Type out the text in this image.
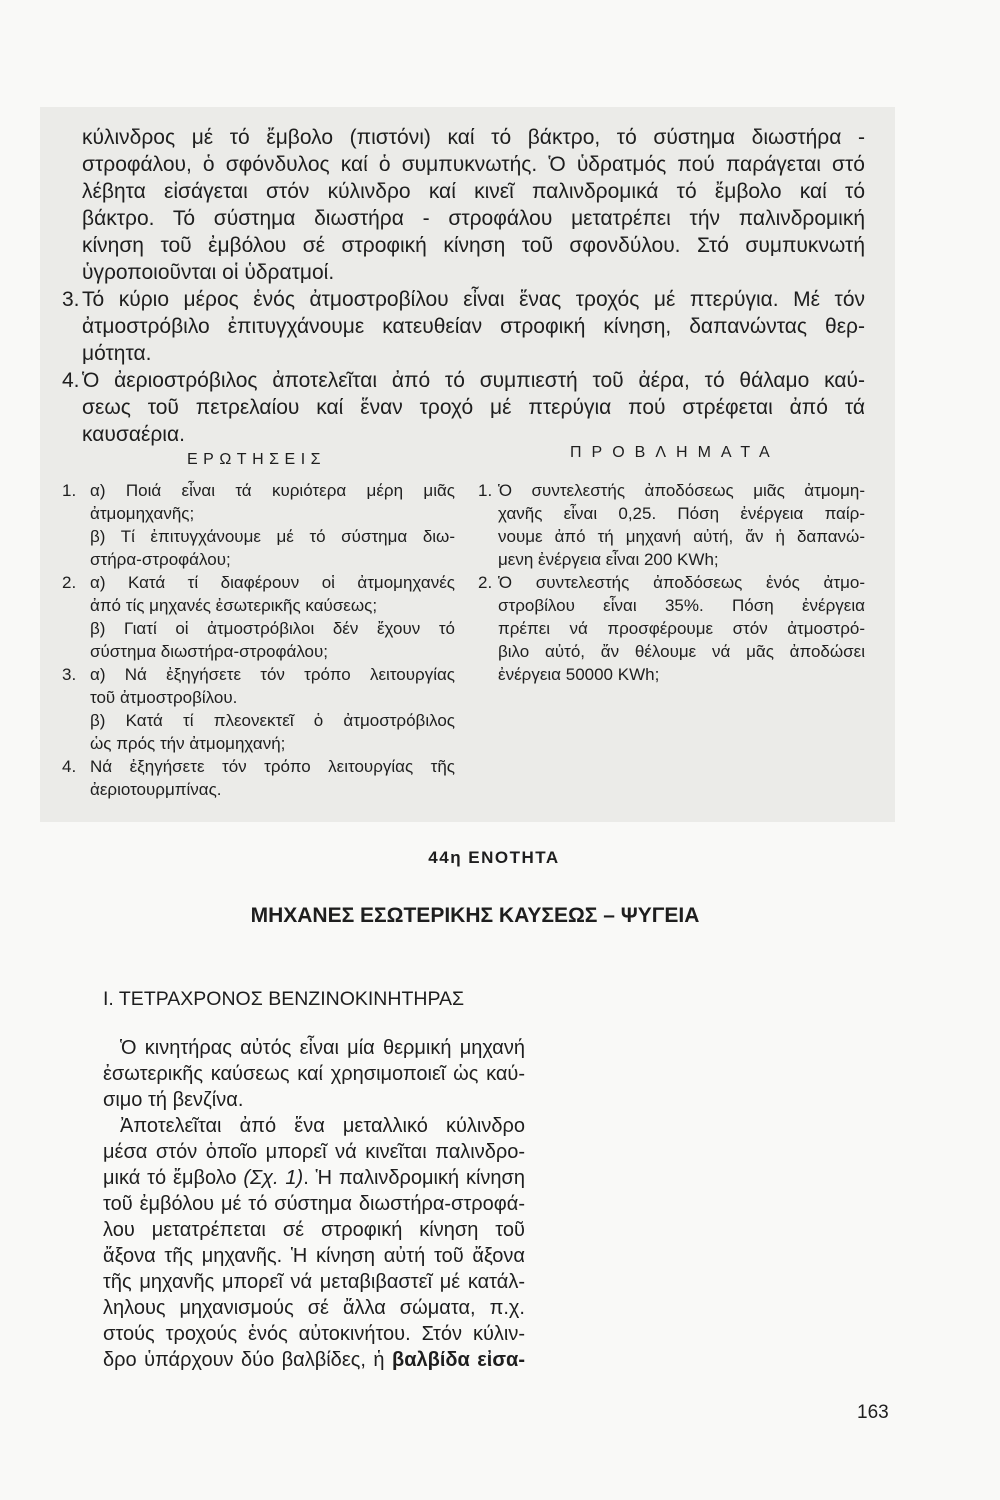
κύλινδρος μέ τό ἔμβολο (πιστόνι) καί τό βάκτρο, τό σύστημα διωστήρα -
στροφάλου, ὁ σφόνδυλος καί ὁ συμπυκνωτής. Ὁ ὑδρατμός πού παράγεται στό
λέβητα εἰσάγεται στόν κύλινδρο καί κινεῖ παλινδρομικά τό ἔμβολο καί τό
βάκτρο. Τό σύστημα διωστήρα - στροφάλου μετατρέπει τήν παλινδρομική
κίνηση τοῦ ἐμβόλου σέ στροφική κίνηση τοῦ σφονδύλου. Στό συμπυκνωτή
ὑγροποιοῦνται οἱ ὑδρατμοί.
3. Τό κύριο μέρος ἑνός ἀτμοστροβίλου εἶναι ἕνας τροχός μέ πτερύγια. Μέ τόν
ἀτμοστρόβιλο ἐπιτυγχάνουμε κατευθείαν στροφική κίνηση, δαπανώντας θερ-
μότητα.
4. Ὁ ἀεριοστρόβιλος ἀποτελεῖται ἀπό τό συμπιεστή τοῦ ἀέρα, τό θάλαμο καύ-
σεως τοῦ πετρελαίου καί ἕναν τροχό μέ πτερύγια πού στρέφεται ἀπό τά
καυσαέρια.
ΕΡΩΤΗΣΕΙΣ	ΠΡΟΒΛΗΜΑΤΑ
1. α) Ποιά εἶναι τά κυριότερα μέρη μιᾶς
ἀτμομηχανῆς;
β) Τί ἐπιτυγχάνουμε μέ τό σύστημα διω-
στήρα-στροφάλου;
2. α) Κατά τί διαφέρουν οἱ ἀτμομηχανές
ἀπό τίς μηχανές ἐσωτερικῆς καύσεως;
β) Γιατί οἱ ἀτμοστρόβιλοι δέν ἔχουν τό
σύστημα διωστήρα-στροφάλου;
3. α) Νά ἐξηγήσετε τόν τρόπο λειτουργίας
τοῦ ἀτμοστροβίλου.
β) Κατά τί πλεονεκτεῖ ὁ ἀτμοστρόβιλος
ὡς πρός τήν ἀτμομηχανή;
4. Νά ἐξηγήσετε τόν τρόπο λειτουργίας τῆς
ἀεριοτουρμπίνας.
1. Ὁ συντελεστής ἀποδόσεως μιᾶς ἀτμομη-
χανῆς εἶναι 0,25. Πόση ἐνέργεια παίρ-
νουμε ἀπό τή μηχανή αὐτή, ἄν ἡ δαπανώ-
μενη ἐνέργεια εἶναι 200 KWh;
2. Ὁ συντελεστής ἀποδόσεως ἑνός ἀτμο-
στροβίλου εἶναι 35%. Πόση ἐνέργεια
πρέπει νά προσφέρουμε στόν ἀτμοστρό-
βιλο αὐτό, ἄν θέλουμε νά μᾶς ἀποδώσει
ἐνέργεια 50000 KWh;
44η ΕΝΟΤΗΤΑ
ΜΗΧΑΝΕΣ ΕΣΩΤΕΡΙΚΗΣ ΚΑΥΣΕΩΣ – ΨΥΓΕΙΑ
Ι. ΤΕΤΡΑΧΡΟΝΟΣ ΒΕΝΖΙΝΟΚΙΝΗΤΗΡΑΣ
Ὁ κινητήρας αὐτός εἶναι μία θερμική μηχανή
ἐσωτερικῆς καύσεως καί χρησιμοποιεῖ ὡς καύ-
σιμο τή βενζίνα.
Ἀποτελεῖται ἀπό ἕνα μεταλλικό κύλινδρο
μέσα στόν ὁποῖο μπορεῖ νά κινεῖται παλινδρο-
μικά τό ἔμβολο (Σχ. 1). Ἡ παλινδρομική κίνηση
τοῦ ἐμβόλου μέ τό σύστημα διωστήρα-στροφά-
λου μετατρέπεται σέ στροφική κίνηση τοῦ
ἄξονα τῆς μηχανῆς. Ἡ κίνηση αὐτή τοῦ ἄξονα
τῆς μηχανῆς μπορεῖ νά μεταβιβαστεῖ μέ κατάλ-
ληλους μηχανισμούς σέ ἄλλα σώματα, π.χ.
στούς τροχούς ἑνός αὐτοκινήτου. Στόν κύλιν-
δρο ὑπάρχουν δύο βαλβίδες, ἡ βαλβίδα εἰσα-
163
